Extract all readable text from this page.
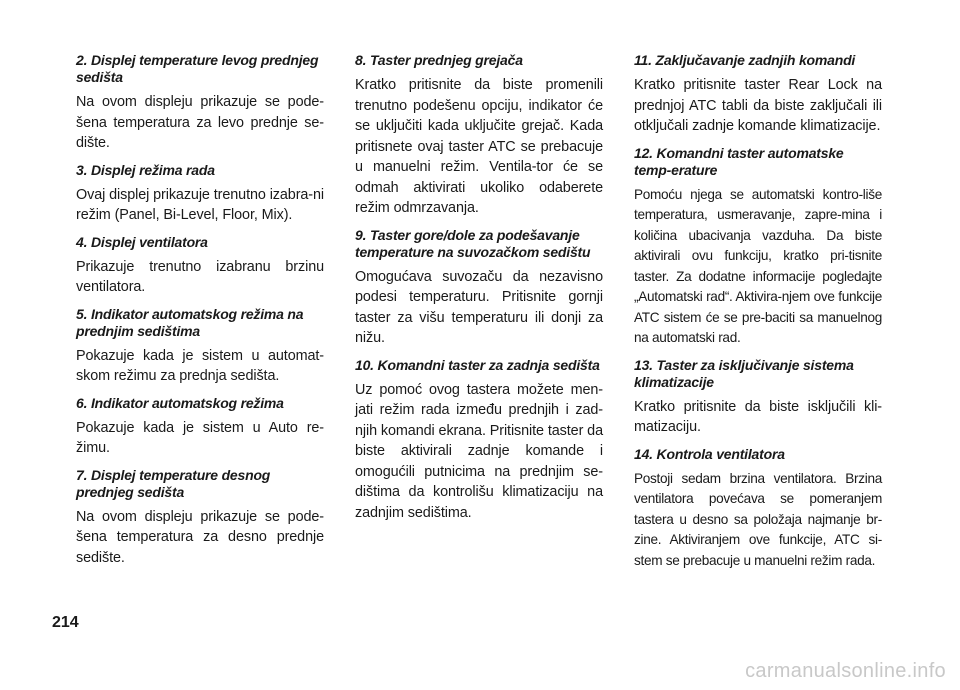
2. Displej temperature levog prednjeg sedišta
Na ovom displeju prikazuje se pode-šena temperatura za levo prednje se-dište.
3. Displej režima rada
Ovaj displej prikazuje trenutno izabra-ni režim (Panel, Bi-Level, Floor, Mix).
4. Displej ventilatora
Prikazuje trenutno izabranu brzinu ventilatora.
5. Indikator automatskog režima na prednjim sedištima
Pokazuje kada je sistem u automat-skom režimu za prednja sedišta.
6. Indikator automatskog režima
Pokazuje kada je sistem u Auto re-žimu.
7. Displej temperature desnog prednjeg sedišta
Na ovom displeju prikazuje se pode-šena temperatura za desno prednje sedište.
8. Taster prednjeg grejača
Kratko pritisnite da biste promenili trenutno podešenu opciju, indikator će se uključiti kada uključite grejač. Kada pritisnete ovaj taster ATC se prebacuje u manuelni režim. Ventila-tor će se odmah aktivirati ukoliko odaberete režim odmrzavanja.
9. Taster gore/dole za podešavanje temperature na suvozačkom sedištu
Omogućava suvozaču da nezavisno podesi temperaturu. Pritisnite gornji taster za višu temperaturu ili donji za nižu.
10. Komandni taster za zadnja sedišta
Uz pomoć ovog tastera možete men-jati režim rada između prednjih i zad-njih komandi ekrana. Pritisnite taster da biste aktivirali zadnje komande i omogućili putnicima na prednjim se-dištima da kontrolišu klimatizaciju na zadnjim sedištima.
11. Zaključavanje zadnjih komandi
Kratko pritisnite taster Rear Lock na prednjoj ATC tabli da biste zaključali ili otključali zadnje komande klimatizacije.
12. Komandni taster automatske temp-erature
Pomoću njega se automatski kontro-liše temperatura, usmeravanje, zapre-mina i količina ubacivanja vazduha. Da biste aktivirali ovu funkciju, kratko pri-tisnite taster. Za dodatne informacije pogledajte „Automatski rad“. Aktivira-njem ove funkcije ATC sistem će se pre-baciti sa manuelnog na automatski rad.
13. Taster za isključivanje sistema klimatizacije
Kratko pritisnite da biste isključili kli-matizaciju.
14. Kontrola ventilatora
Postoji sedam brzina ventilatora. Brzina ventilatora povećava se pomeranjem tastera u desno sa položaja najmanje br-zine. Aktiviranjem ove funkcije, ATC si-stem se prebacuje u manuelni režim rada.
214
carmanualsonline.info
